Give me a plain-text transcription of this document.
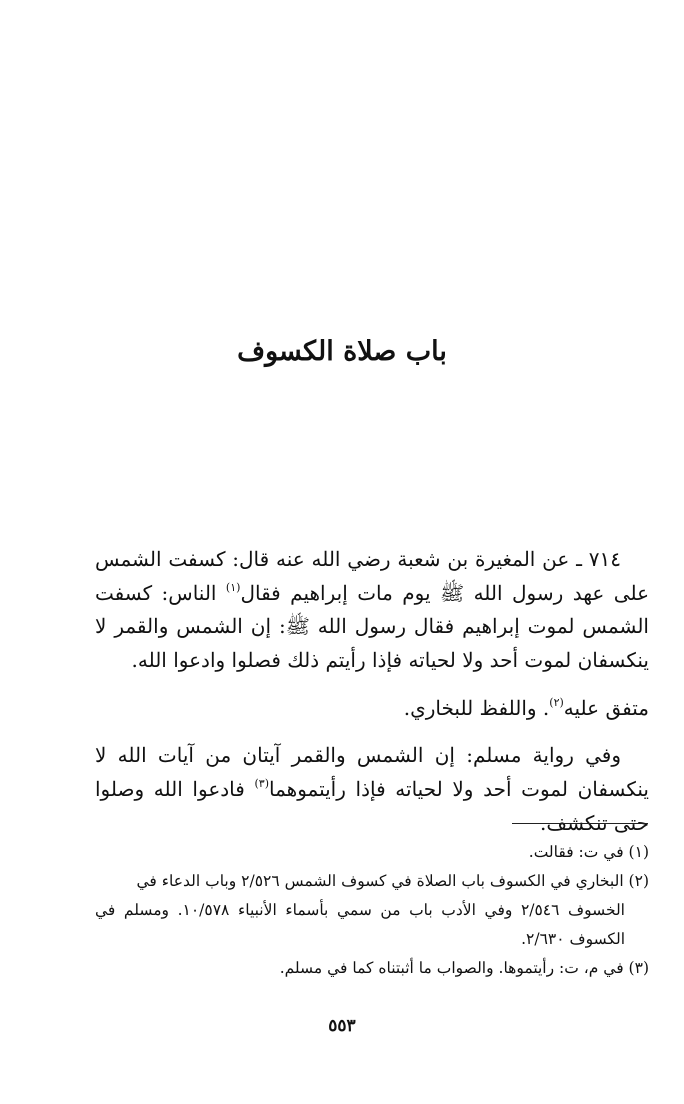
باب صلاة الكسوف

٧١٤ ـ عن المغيرة بن شعبة رضي الله عنه قال: كسفت الشمس على عهد رسول الله ﷺ يوم مات إبراهيم فقال$^{(١)}$ الناس: كسفت الشمس لموت إبراهيم فقال رسول الله ﷺ: إن الشمس والقمر لا ينكسفان لموت أحد ولا لحياته فإذا رأيتم ذلك فصلوا وادعوا الله.

متفق عليه$^{(٢)}$. واللفظ للبخاري.

وفي رواية مسلم: إن الشمس والقمر آيتان من آيات الله لا ينكسفان لموت أحد ولا لحياته فإذا رأيتموهما$^{(٣)}$ فادعوا الله وصلوا حتى تنكشف.

(١) في ت: فقالت.

(٢) البخاري في الكسوف باب الصلاة في كسوف الشمس ٢/٥٢٦ وباب الدعاء في
الخسوف ٢/٥٤٦ وفي الأدب باب من سمي بأسماء الأنبياء ١٠/٥٧٨. ومسلم في الكسوف ٢/٦٣٠.

(٣) في م، ت: رأيتموها. والصواب ما أثبتناه كما في مسلم.

٥٥٣
